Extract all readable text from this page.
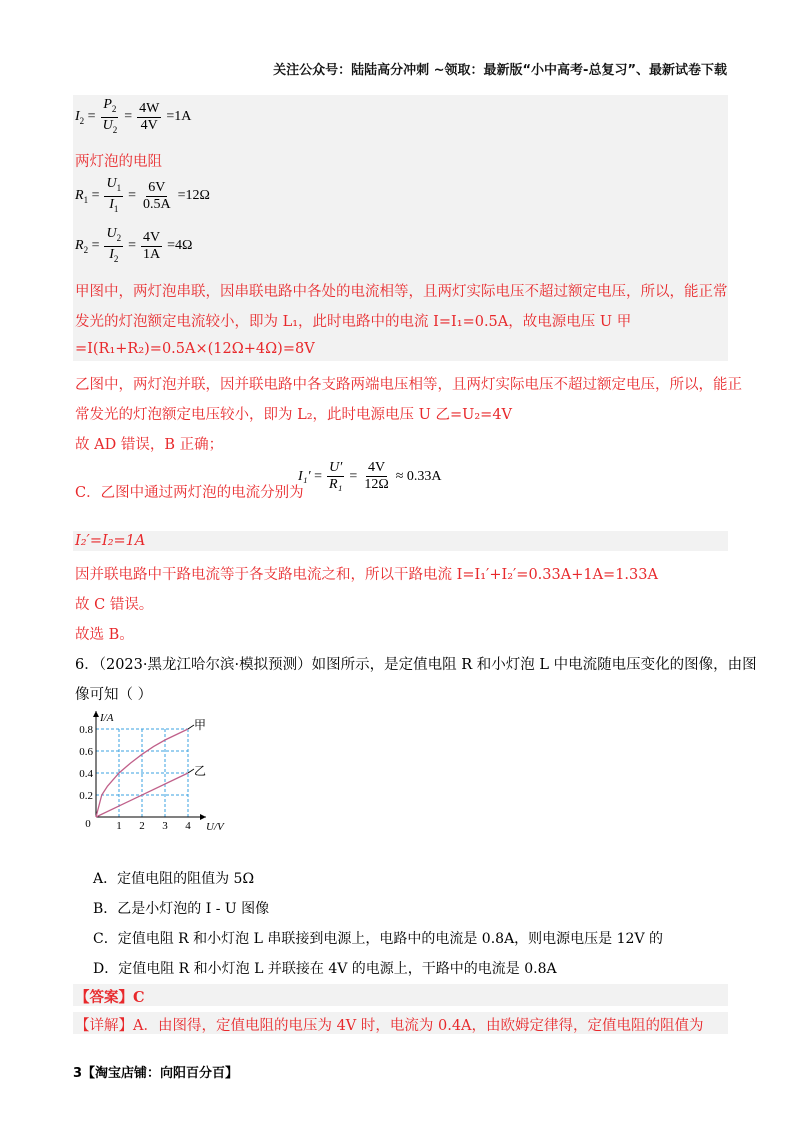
关注公众号：陆陆高分冲刺 ~领取：最新版“小中高考-总复习”、最新试卷下载
$I_2 = \frac{P_2}{U_2} = \frac{4W}{4V} =1A$
两灯泡的电阻
$R_1 = \frac{U_1}{I_1} = \frac{6V}{0.5A} =12\Omega$
$R_2 = \frac{U_2}{I_2} = \frac{4V}{1A} =4\Omega$
甲图中，两灯泡串联，因串联电路中各处的电流相等，且两灯实际电压不超过额定电压，所以，能正常
发光的灯泡额定电流较小，即为 L₁，此时电路中的电流 I=I₁=0.5A，故电源电压 U 甲
=I(R₁+R₂)=0.5A×(12Ω+4Ω)=8V
乙图中，两灯泡并联，因并联电路中各支路两端电压相等，且两灯实际电压不超过额定电压，所以，能正
常发光的灯泡额定电压较小，即为 L₂，此时电源电压 U 乙=U₂=4V
故 AD 错误，B 正确；
C．乙图中通过两灯泡的电流分别为
$I_1' = \frac{U'}{\text{R₁}} = \frac{4V}{12\Omega} \approx 0.33A$
I₂′=I₂=1A
因并联电路中干路电流等于各支路电流之和，所以干路电流 I=I₁′+I₂′=0.33A+1A=1.33A
故 C 错误。
故选 B。
6．（2023·黑龙江哈尔滨·模拟预测）如图所示，是定值电阻 R 和小灯泡 L 中电流随电压变化的图像，由图
像可知（ ）
1 2 3 4
0.2
0.4
0.6
0.8
0	U/V
I/A	甲
乙
A．定值电阻的阻值为 5Ω
B．乙是小灯泡的 I - U 图像
C．定值电阻 R 和小灯泡 L 串联接到电源上，电路中的电流是 0.8A，则电源电压是 12V 的
D．定值电阻 R 和小灯泡 L 并联接在 4V 的电源上，干路中的电流是 0.8A
【答案】C
【详解】A．由图得，定值电阻的电压为 4V 时，电流为 0.4A，由欧姆定律得，定值电阻的阻值为
3【淘宝店铺：向阳百分百】
